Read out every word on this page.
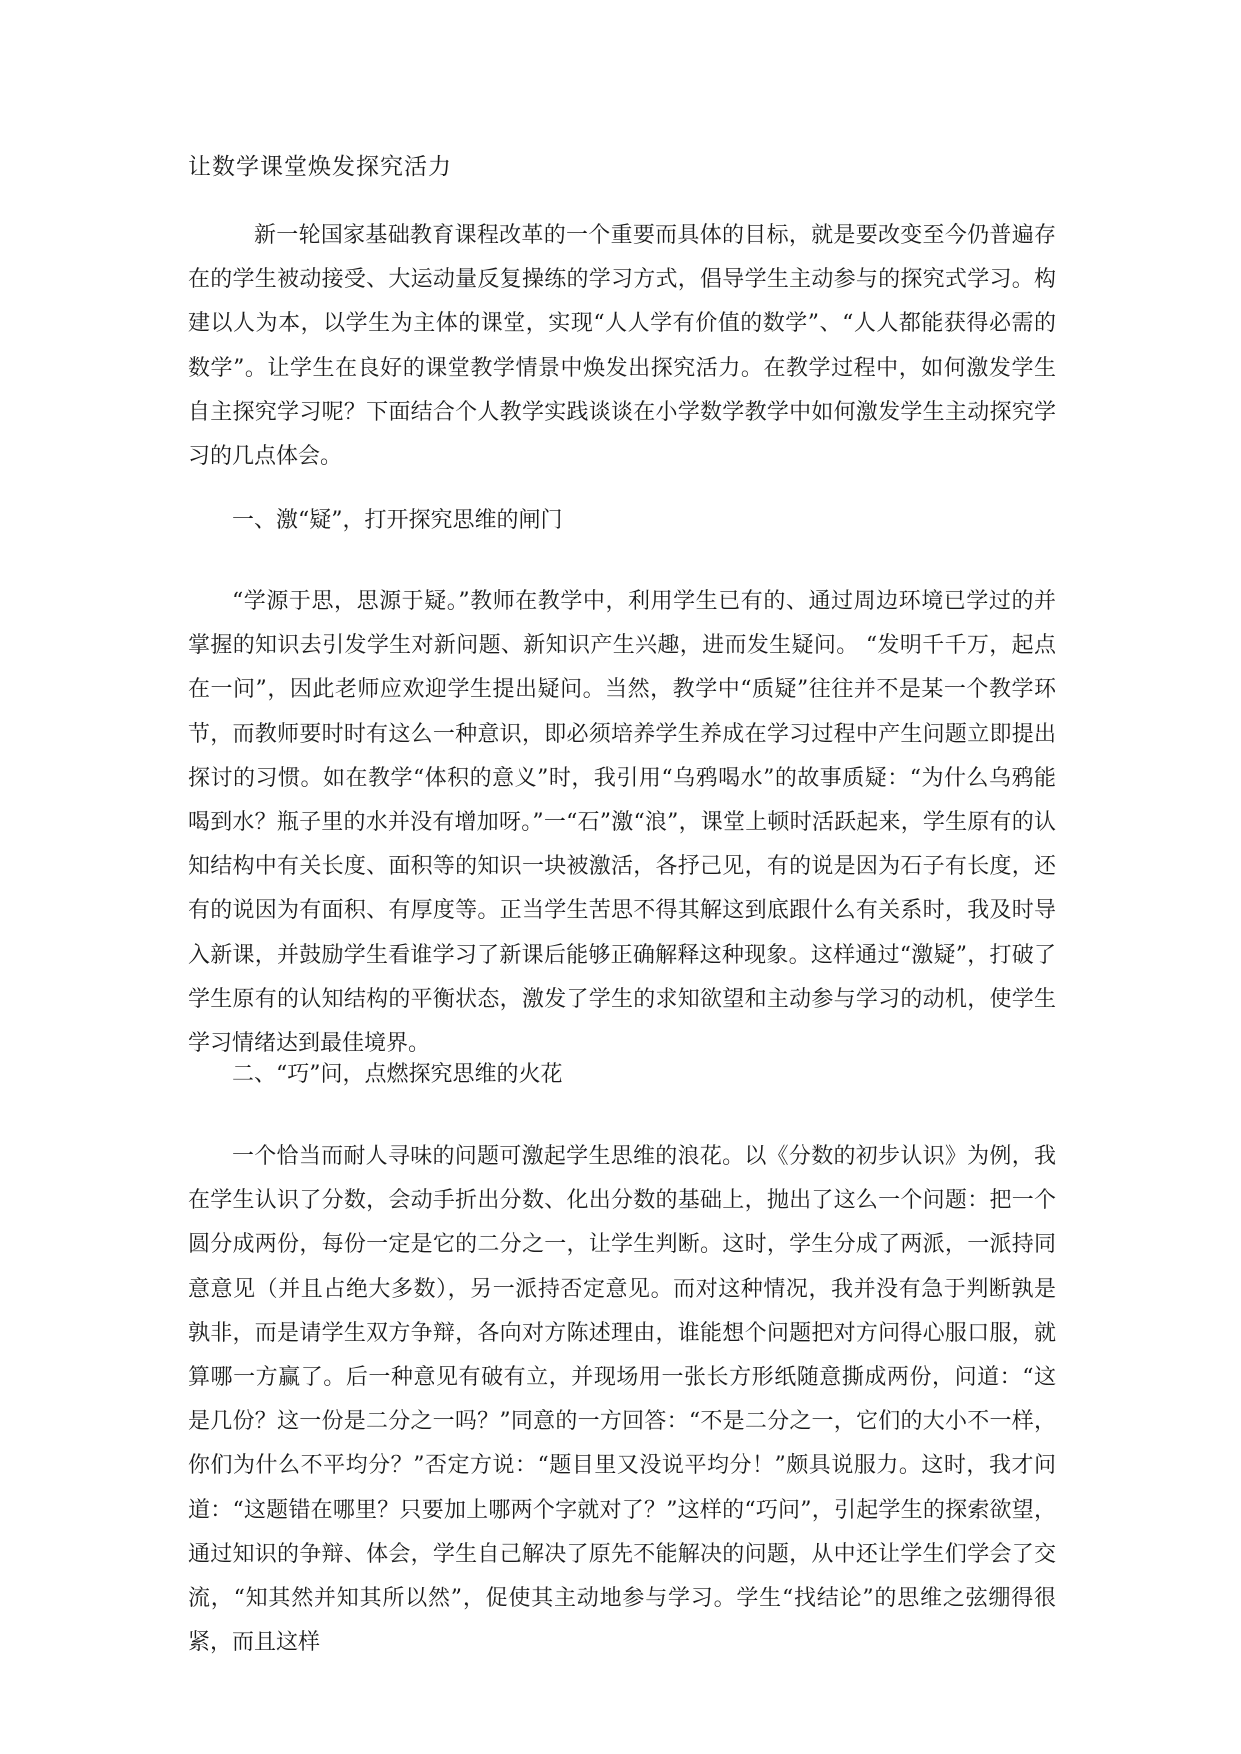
让数学课堂焕发探究活力

新一轮国家基础教育课程改革的一个重要而具体的目标，就是要改变至今仍普遍存在的学生被动接受、大运动量反复操练的学习方式，倡导学生主动参与的探究式学习。构建以人为本，以学生为主体的课堂，实现“人人学有价值的数学”、“人人都能获得必需的数学”。让学生在良好的课堂教学情景中焕发出探究活力。在教学过程中，如何激发学生自主探究学习呢？下面结合个人教学实践谈谈在小学数学教学中如何激发学生主动探究学习的几点体会。

一、激“疑”，打开探究思维的闸门

“学源于思，思源于疑。”教师在教学中，利用学生已有的、通过周边环境已学过的并掌握的知识去引发学生对新问题、新知识产生兴趣，进而发生疑问。 “发明千千万，起点在一问”，因此老师应欢迎学生提出疑问。当然，教学中“质疑”往往并不是某一个教学环节，而教师要时时有这么一种意识，即必须培养学生养成在学习过程中产生问题立即提出探讨的习惯。如在教学“体积的意义”时，我引用“乌鸦喝水”的故事质疑：“为什么乌鸦能喝到水？瓶子里的水并没有增加呀。”一“石”激“浪”，课堂上顿时活跃起来，学生原有的认知结构中有关长度、面积等的知识一块被激活，各抒己见，有的说是因为石子有长度，还有的说因为有面积、有厚度等。正当学生苦思不得其解这到底跟什么有关系时，我及时导入新课，并鼓励学生看谁学习了新课后能够正确解释这种现象。这样通过“激疑”，打破了学生原有的认知结构的平衡状态，激发了学生的求知欲望和主动参与学习的动机，使学生学习情绪达到最佳境界。

二、“巧”问，点燃探究思维的火花

一个恰当而耐人寻味的问题可激起学生思维的浪花。以《分数的初步认识》为例，我在学生认识了分数，会动手折出分数、化出分数的基础上，抛出了这么一个问题：把一个圆分成两份，每份一定是它的二分之一，让学生判断。这时，学生分成了两派，一派持同意意见（并且占绝大多数），另一派持否定意见。而对这种情况，我并没有急于判断孰是孰非，而是请学生双方争辩，各向对方陈述理由，谁能想个问题把对方问得心服口服，就算哪一方赢了。后一种意见有破有立，并现场用一张长方形纸随意撕成两份，问道：“这是几份？这一份是二分之一吗？”同意的一方回答：“不是二分之一，它们的大小不一样，你们为什么不平均分？”否定方说：“题目里又没说平均分！”颇具说服力。这时，我才问道：“这题错在哪里？只要加上哪两个字就对了？”这样的“巧问”，引起学生的探索欲望，通过知识的争辩、体会，学生自己解决了原先不能解决的问题，从中还让学生们学会了交流，“知其然并知其所以然”，促使其主动地参与学习。学生“找结论”的思维之弦绷得很紧，而且这样
